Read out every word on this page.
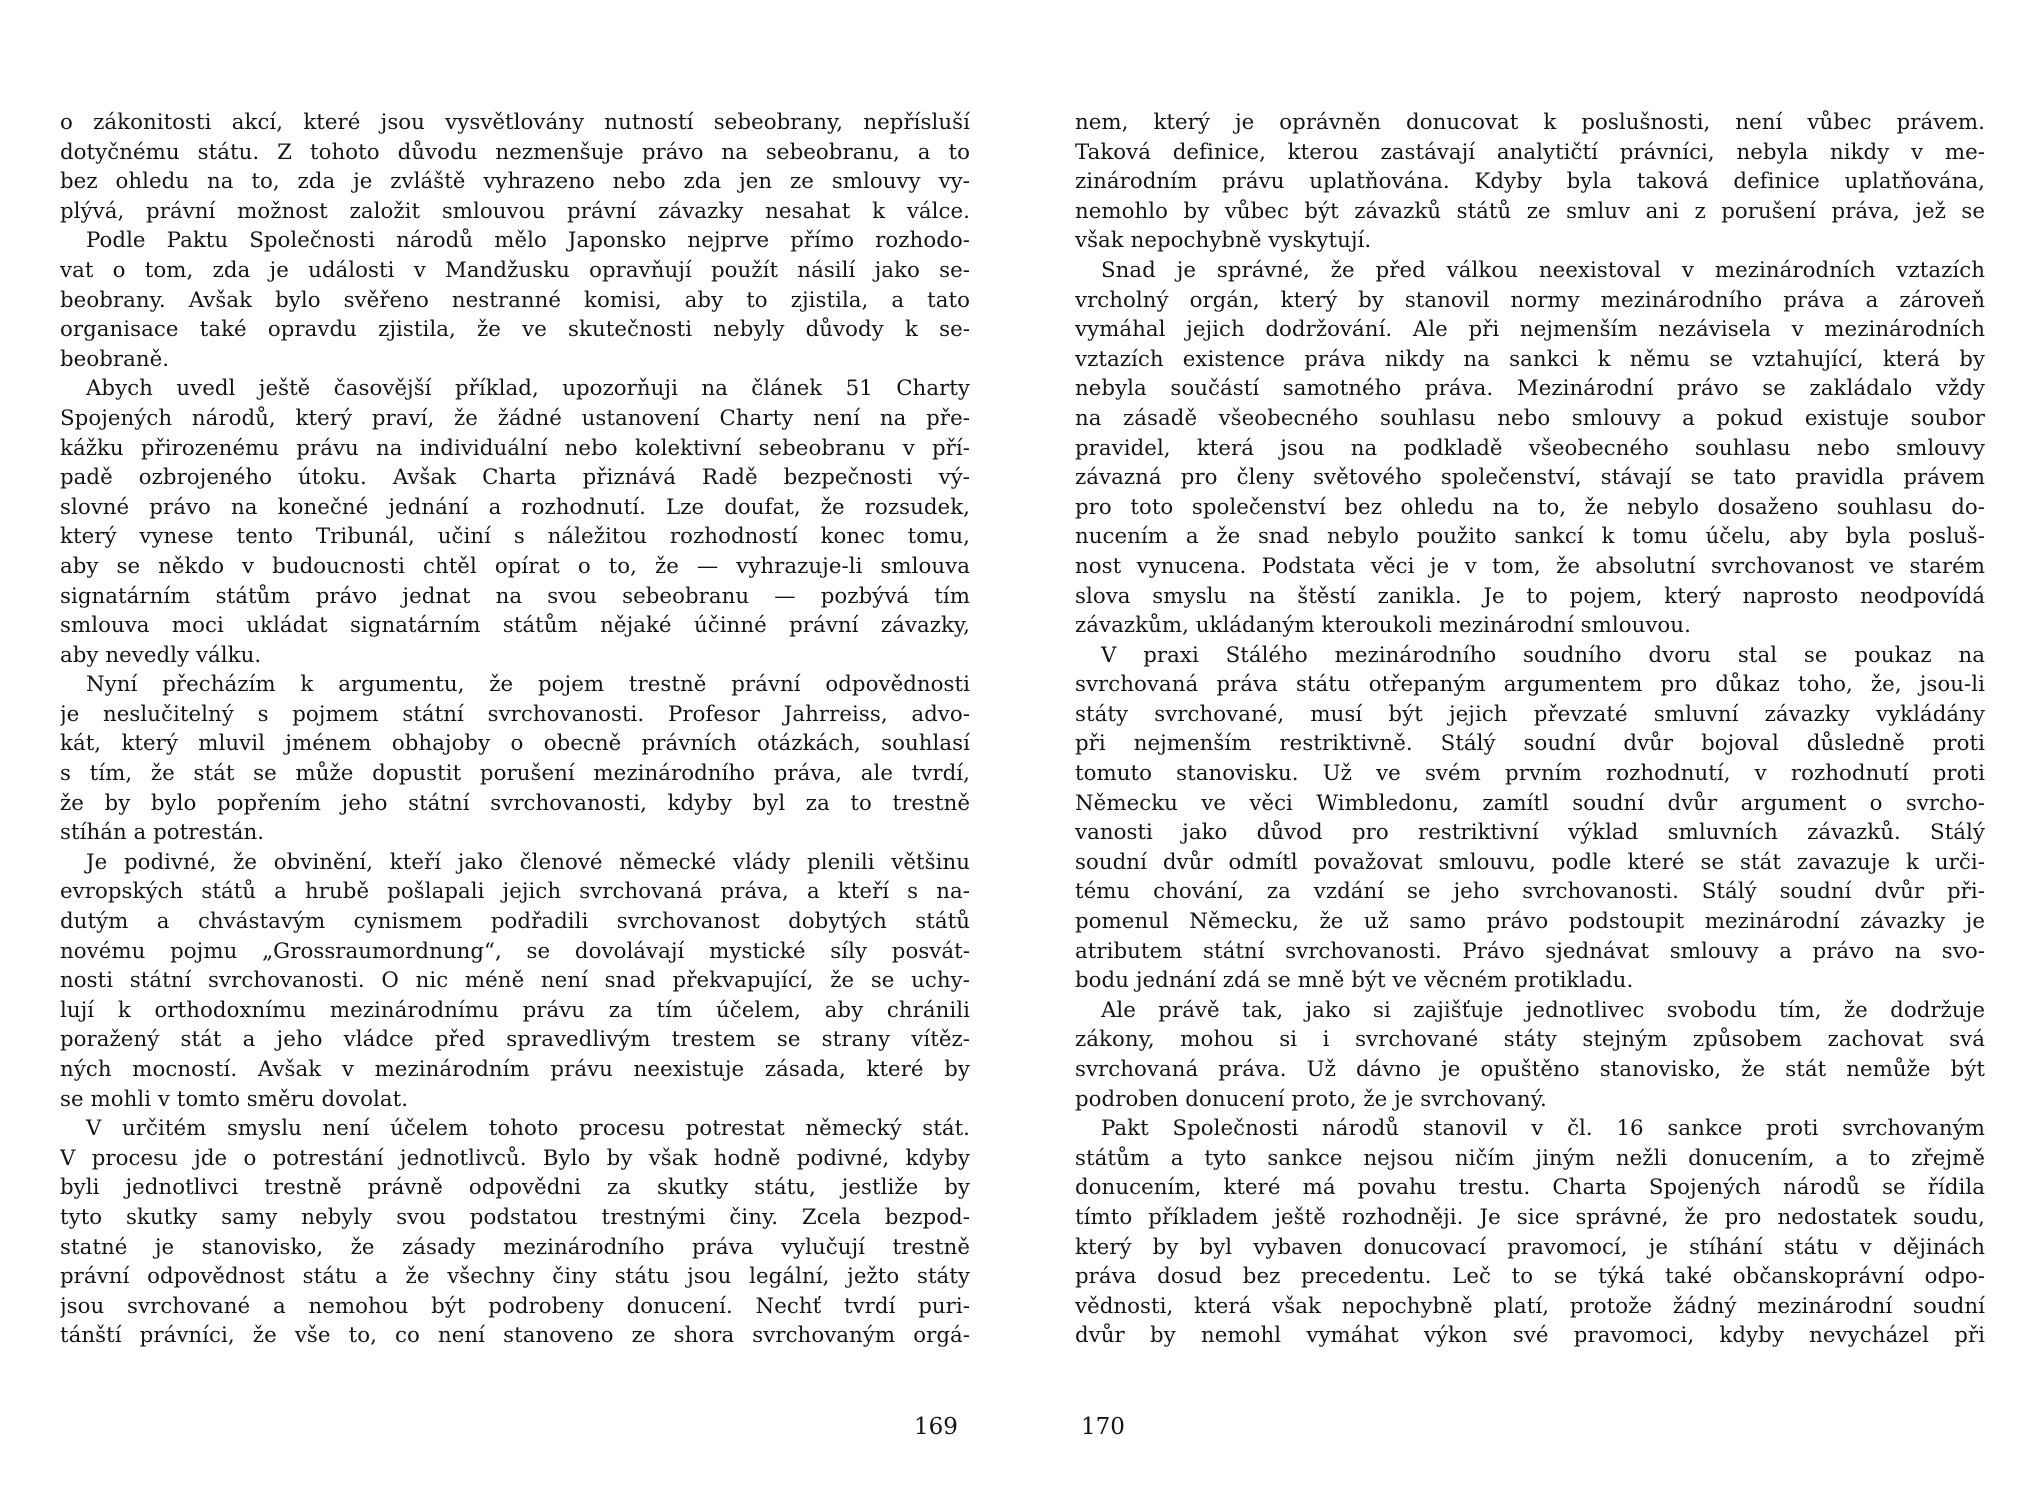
o zákonitosti akcí, které jsou vysvětlovány nutností sebeobrany, nepřísluší
dotyčnému státu. Z tohoto důvodu nezmenšuje právo na sebeobranu, a to
bez ohledu na to, zda je zvláště vyhrazeno nebo zda jen ze smlouvy vy-
plývá, právní možnost založit smlouvou právní závazky nesahat k válce.
Podle Paktu Společnosti národů mělo Japonsko nejprve přímo rozhodo-
vat o tom, zda je události v Mandžusku opravňují použít násilí jako se-
beobrany. Avšak bylo svěřeno nestranné komisi, aby to zjistila, a tato
organisace také opravdu zjistila, že ve skutečnosti nebyly důvody k se-
beobraně.
Abych uvedl ještě časovější příklad, upozorňuji na článek 51 Charty
Spojených národů, který praví, že žádné ustanovení Charty není na pře-
kážku přirozenému právu na individuální nebo kolektivní sebeobranu v pří-
padě ozbrojeného útoku. Avšak Charta přiznává Radě bezpečnosti vý-
slovné právo na konečné jednání a rozhodnutí. Lze doufat, že rozsudek,
který vynese tento Tribunál, učiní s náležitou rozhodností konec tomu,
aby se někdo v budoucnosti chtěl opírat o to, že — vyhrazuje-li smlouva
signatárním státům právo jednat na svou sebeobranu — pozbývá tím
smlouva moci ukládat signatárním státům nějaké účinné právní závazky,
aby nevedly válku.
Nyní přecházím k argumentu, že pojem trestně právní odpovědnosti
je neslučitelný s pojmem státní svrchovanosti. Profesor Jahrreiss, advo-
kát, který mluvil jménem obhajoby o obecně právních otázkách, souhlasí
s tím, že stát se může dopustit porušení mezinárodního práva, ale tvrdí,
že by bylo popřením jeho státní svrchovanosti, kdyby byl za to trestně
stíhán a potrestán.
Je podivné, že obvinění, kteří jako členové německé vlády plenili většinu
evropských států a hrubě pošlapali jejich svrchovaná práva, a kteří s na-
dutým a chvástavým cynismem podřadili svrchovanost dobytých států
novému pojmu „Grossraumordnung“, se dovolávají mystické síly posvát-
nosti státní svrchovanosti. O nic méně není snad překvapující, že se uchy-
lují k orthodoxnímu mezinárodnímu právu za tím účelem, aby chránili
poražený stát a jeho vládce před spravedlivým trestem se strany vítěz-
ných mocností. Avšak v mezinárodním právu neexistuje zásada, které by
se mohli v tomto směru dovolat.
V určitém smyslu není účelem tohoto procesu potrestat německý stát.
V procesu jde o potrestání jednotlivců. Bylo by však hodně podivné, kdyby
byli jednotlivci trestně právně odpovědni za skutky státu, jestliže by
tyto skutky samy nebyly svou podstatou trestnými činy. Zcela bezpod-
statné je stanovisko, že zásady mezinárodního práva vylučují trestně
právní odpovědnost státu a že všechny činy státu jsou legální, ježto státy
jsou svrchované a nemohou být podrobeny donucení. Nechť tvrdí puri-
tánští právníci, že vše to, co není stanoveno ze shora svrchovaným orgá-
169
nem, který je oprávněn donucovat k poslušnosti, není vůbec právem.
Taková definice, kterou zastávají analytičtí právníci, nebyla nikdy v me-
zinárodním právu uplatňována. Kdyby byla taková definice uplatňována,
nemohlo by vůbec být závazků států ze smluv ani z porušení práva, jež se
však nepochybně vyskytují.
Snad je správné, že před válkou neexistoval v mezinárodních vztazích
vrcholný orgán, který by stanovil normy mezinárodního práva a zároveň
vymáhal jejich dodržování. Ale při nejmenším nezávisela v mezinárodních
vztazích existence práva nikdy na sankci k němu se vztahující, která by
nebyla součástí samotného práva. Mezinárodní právo se zakládalo vždy
na zásadě všeobecného souhlasu nebo smlouvy a pokud existuje soubor
pravidel, která jsou na podkladě všeobecného souhlasu nebo smlouvy
závazná pro členy světového společenství, stávají se tato pravidla právem
pro toto společenství bez ohledu na to, že nebylo dosaženo souhlasu do-
nucením a že snad nebylo použito sankcí k tomu účelu, aby byla posluš-
nost vynucena. Podstata věci je v tom, že absolutní svrchovanost ve starém
slova smyslu na štěstí zanikla. Je to pojem, který naprosto neodpovídá
závazkům, ukládaným kteroukoli mezinárodní smlouvou.
V praxi Stálého mezinárodního soudního dvoru stal se poukaz na
svrchovaná práva státu otřepaným argumentem pro důkaz toho, že, jsou-li
státy svrchované, musí být jejich převzaté smluvní závazky vykládány
při nejmenším restriktivně. Stálý soudní dvůr bojoval důsledně proti
tomuto stanovisku. Už ve svém prvním rozhodnutí, v rozhodnutí proti
Německu ve věci Wimbledonu, zamítl soudní dvůr argument o svrcho-
vanosti jako důvod pro restriktivní výklad smluvních závazků. Stálý
soudní dvůr odmítl považovat smlouvu, podle které se stát zavazuje k urči-
tému chování, za vzdání se jeho svrchovanosti. Stálý soudní dvůr při-
pomenul Německu, že už samo právo podstoupit mezinárodní závazky je
atributem státní svrchovanosti. Právo sjednávat smlouvy a právo na svo-
bodu jednání zdá se mně být ve věcném protikladu.
Ale právě tak, jako si zajišťuje jednotlivec svobodu tím, že dodržuje
zákony, mohou si i svrchované státy stejným způsobem zachovat svá
svrchovaná práva. Už dávno je opuštěno stanovisko, že stát nemůže být
podroben donucení proto, že je svrchovaný.
Pakt Společnosti národů stanovil v čl. 16 sankce proti svrchovaným
státům a tyto sankce nejsou ničím jiným nežli donucením, a to zřejmě
donucením, které má povahu trestu. Charta Spojených národů se řídila
tímto příkladem ještě rozhodněji. Je sice správné, že pro nedostatek soudu,
který by byl vybaven donucovací pravomocí, je stíhání státu v dějinách
práva dosud bez precedentu. Leč to se týká také občanskoprávní odpo-
vědnosti, která však nepochybně platí, protože žádný mezinárodní soudní
dvůr by nemohl vymáhat výkon své pravomoci, kdyby nevycházel při
170
